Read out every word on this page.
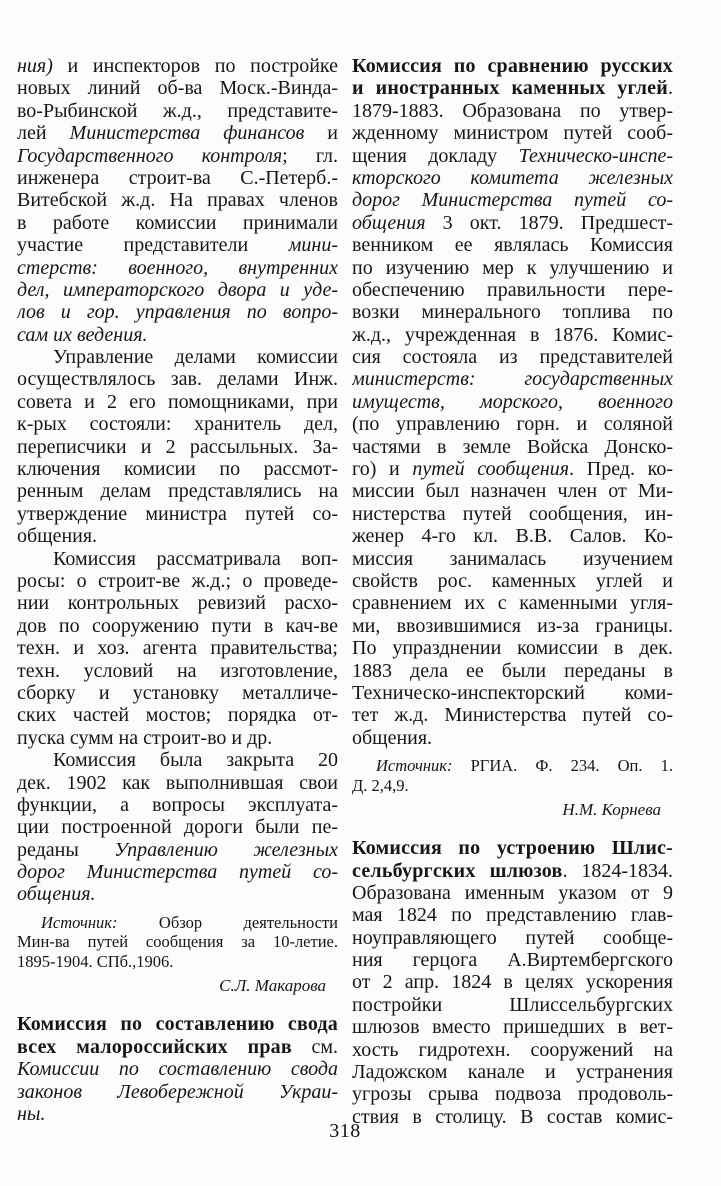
ния) и инспекторов по постройке
новых линий об-ва Моск.-Винда-
во-Рыбинской ж.д., представите-
лей Министерства финансов и
Государственного контроля; гл.
инженера строит-ва С.-Петерб.-
Витебской ж.д. На правах членов
в работе комиссии принимали
участие представители мини-
стерств: военного, внутренних
дел, императорского двора и уде-
лов и гор. управления по вопро-
сам их ведения.
Управление делами комиссии
осуществлялось зав. делами Инж.
совета и 2 его помощниками, при
к-рых состояли: хранитель дел,
переписчики и 2 рассыльных. За-
ключения комисии по рассмот-
ренным делам представлялись на
утверждение министра путей со-
общения.
Комиссия рассматривала воп-
росы: о строит-ве ж.д.; о проведе-
нии контрольных ревизий расхо-
дов по сооружению пути в кач-ве
техн. и хоз. агента правительства;
техн. условий на изготовление,
сборку и установку металличе-
ских частей мостов; порядка от-
пуска сумм на строит-во и др.
Комиссия была закрыта 20
дек. 1902 как выполнившая свои
функции, а вопросы эксплуата-
ции построенной дороги были пе-
реданы Управлению железных
дорог Министерства путей со-
общения.
Источник: Обзор деятельности
Мин-ва путей сообщения за 10-летие.
1895-1904. СПб.,1906.
С.Л. Макарова
Комиссия по составлению свода
всех малороссийских прав см.
Комиссии по составлению свода
законов Левобережной Украи-
ны.
Комиссия по сравнению русских
и иностранных каменных углей.
1879-1883. Образована по утвер-
жденному министром путей сооб-
щения докладу Техническо-инспе-
кторского комитета железных
дорог Министерства путей со-
общения 3 окт. 1879. Предшест-
венником ее являлась Комиссия
по изучению мер к улучшению и
обеспечению правильности пере-
возки минерального топлива по
ж.д., учрежденная в 1876. Комис-
сия состояла из представителей
министерств: государственных
имуществ, морского, военного
(по управлению горн. и соляной
частями в земле Войска Донско-
го) и путей сообщения. Пред. ко-
миссии был назначен член от Ми-
нистерства путей сообщения, ин-
женер 4-го кл. В.В. Салов. Ко-
миссия занималась изучением
свойств рос. каменных углей и
сравнением их с каменными угля-
ми, ввозившимися из-за границы.
По упразднении комиссии в дек.
1883 дела ее были переданы в
Техническо-инспекторский коми-
тет ж.д. Министерства путей со-
общения.
Источник: РГИА. Ф. 234. Оп. 1.
Д. 2,4,9.
Н.М. Корнева
Комиссия по устроению Шлис-
сельбургских шлюзов. 1824-1834.
Образована именным указом от 9
мая 1824 по представлению глав-
ноуправляющего путей сообще-
ния герцога А.Виртембергского
от 2 апр. 1824 в целях ускорения
постройки Шлиссельбургских
шлюзов вместо пришедших в вет-
хость гидротехн. сооружений на
Ладожском канале и устранения
угрозы срыва подвоза продоволь-
ствия в столицу. В состав комис-
318
